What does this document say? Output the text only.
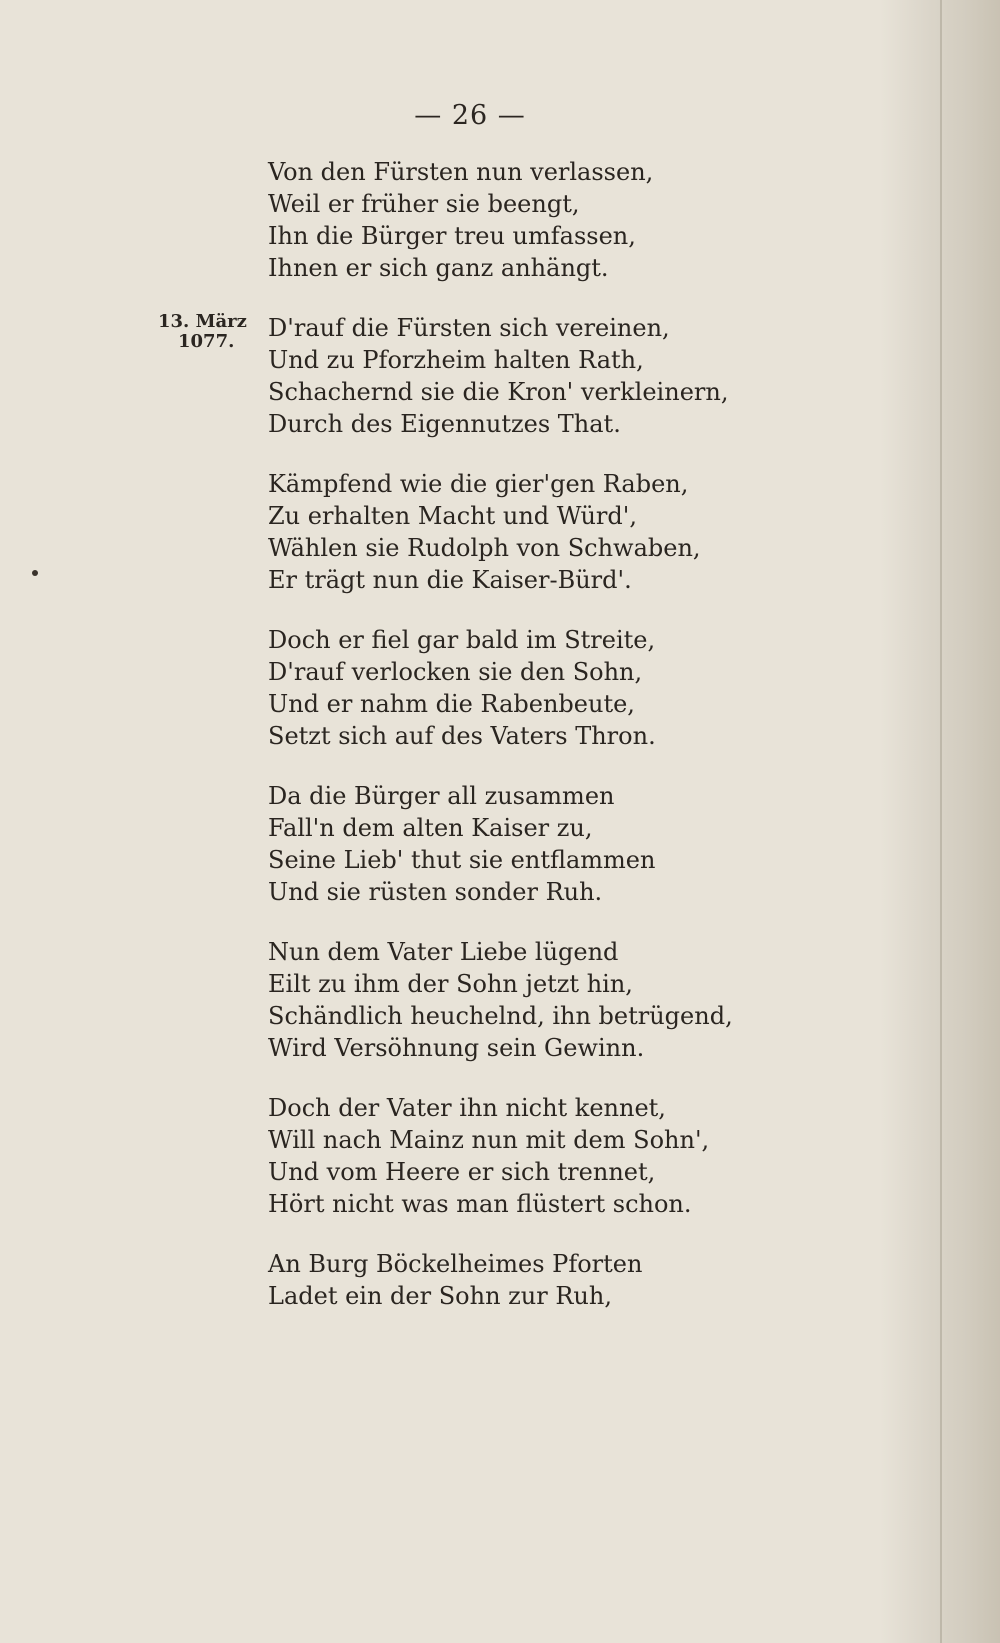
— 26 —
13. März
1077.
Von den Fürsten nun verlassen,
Weil er früher sie beengt,
Ihn die Bürger treu umfassen,
Ihnen er sich ganz anhängt.
D'rauf die Fürsten sich vereinen,
Und zu Pforzheim halten Rath,
Schachernd sie die Kron' verkleinern,
Durch des Eigennutzes That.
Kämpfend wie die gier'gen Raben,
Zu erhalten Macht und Würd',
Wählen sie Rudolph von Schwaben,
Er trägt nun die Kaiser-Bürd'.
Doch er fiel gar bald im Streite,
D'rauf verlocken sie den Sohn,
Und er nahm die Rabenbeute,
Setzt sich auf des Vaters Thron.
Da die Bürger all zusammen
Fall'n dem alten Kaiser zu,
Seine Lieb' thut sie entflammen
Und sie rüsten sonder Ruh.
Nun dem Vater Liebe lügend
Eilt zu ihm der Sohn jetzt hin,
Schändlich heuchelnd, ihn betrügend,
Wird Versöhnung sein Gewinn.
Doch der Vater ihn nicht kennet,
Will nach Mainz nun mit dem Sohn',
Und vom Heere er sich trennet,
Hört nicht was man flüstert schon.
An Burg Böckelheimes Pforten
Ladet ein der Sohn zur Ruh,
